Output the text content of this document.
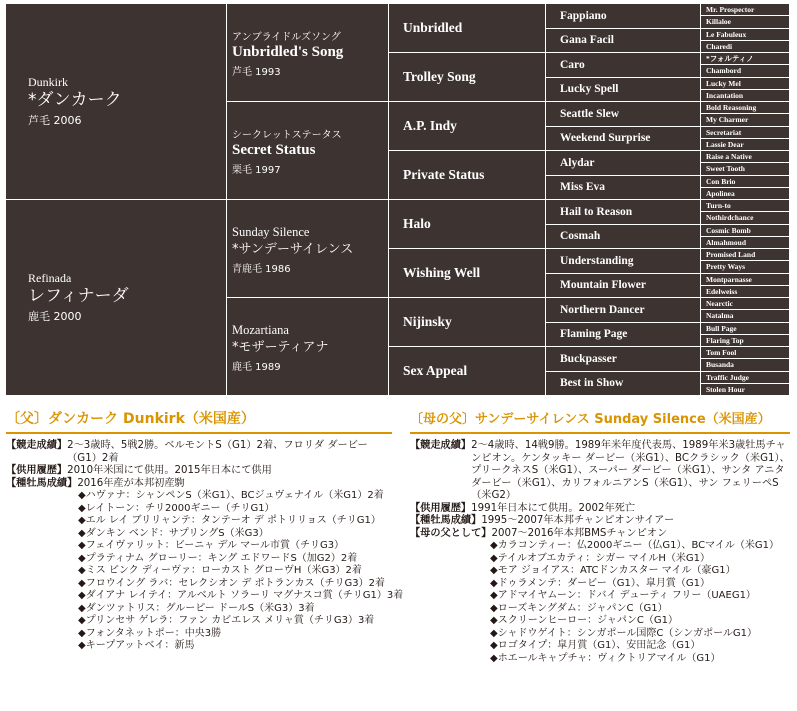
Dunkirk
*ダンカーク
芦毛 2006
Refinada
レフィナーダ
鹿毛 2000
アンブライドルズソング
Unbridled's Song
芦毛 1993
シークレットステータス
Secret Status
栗毛 1997
Sunday Silence
*サンデーサイレンス
青鹿毛 1986
Mozartiana
*モザーティアナ
鹿毛 1989
Unbridled
Trolley Song
A.P. Indy
Private Status
Halo
Wishing Well
Nijinsky
Sex Appeal
Fappiano
Gana Facil
Caro
Lucky Spell
Seattle Slew
Weekend Surprise
Alydar
Miss Eva
Hail to Reason
Cosmah
Understanding
Mountain Flower
Northern Dancer
Flaming Page
Buckpasser
Best in Show
Mr. Prospector
Killaloe
Le Fabuleux
Charedi
*フォルティノ
Chambord
Lucky Mel
Incantation
Bold Reasoning
My Charmer
Secretariat
Lassie Dear
Raise a Native
Sweet Tooth
Con Brio
Apolinea
Turn-to
Nothirdchance
Cosmic Bomb
Almahmoud
Promised Land
Pretty Ways
Montparnasse
Edelweiss
Nearctic
Natalma
Bull Page
Flaring Top
Tom Fool
Busanda
Traffic Judge
Stolen Hour
〔父〕ダンカーク Dunkirk（米国産）
【競走成績】 2～3歳時、5戦2勝。ベルモントS（G1）2着、フロリダ ダービー（G1）2着
【供用履歴】 2010年米国にて供用。2015年日本にて供用
【種牡馬成績】 2016年産が本邦初産駒
◆ハヴァナ：シャンペンS（米G1）、BCジュヴェナイル（米G1）2着
◆レイトーン：チリ2000ギニー（チリG1）
◆エル レイ ブリリャンテ：タンテーオ デ ポトリリョス（チリG1）
◆ダンキン ベンド：サプリングS（米G3）
◆フェイヴァリット：ビーニャ デル マール市賞（チリG3）
◆プラティナム グローリー：キング エドワードS（加G2）2着
◆ミス ピンク ディーヴァ：ローカスト グローヴH（米G3）2着
◆フロウイング ラバ：セレクシオン デ ポトランカス（チリG3）2着
◆ダイアナ レイテイ：アルベルト ソラーリ マグナスコ賞（チリG1）3着
◆ダンツァトリス：グルーピー ドールS（米G3）3着
◆プリンセサ ゲレラ：ファン カビエレス メリャ賞（チリG3）3着
◆フォンタネットポー：中央3勝
◆キープアットベイ：新馬
〔母の父〕サンデーサイレンス Sunday Silence（米国産）
【競走成績】 2～4歳時、14戦9勝。1989年米年度代表馬、1989年米3歳牡馬チャンピオン。ケンタッキー ダービー（米G1）、BCクラシック（米G1）、プリークネスS（米G1）、スーパー ダービー（米G1）、サンタ アニタ ダービー（米G1）、カリフォルニアンS（米G1）、サン フェリーペS（米G2）
【供用履歴】 1991年日本にて供用。2002年死亡
【種牡馬成績】 1995～2007年本邦チャンピオンサイアー
【母の父として】 2007～2016年本邦BMSチャンピオン
◆カラコンティー：仏2000ギニー（仏G1）、BCマイル（米G1）
◆テイルオブエカティ：シガー マイルH（米G1）
◆モア ジョイアス：ATCドンカスター マイル（豪G1）
◆ドゥラメンテ：ダービー（G1）、皐月賞（G1）
◆アドマイヤムーン：ドバイ デューティ フリー（UAEG1）
◆ローズキングダム：ジャパンC（G1）
◆スクリーンヒーロー：ジャパンC（G1）
◆シャドウゲイト：シンガポール国際C（シンガポールG1）
◆ロゴタイプ：皐月賞（G1）、安田記念（G1）
◆ホエールキャプチャ：ヴィクトリアマイル（G1）
